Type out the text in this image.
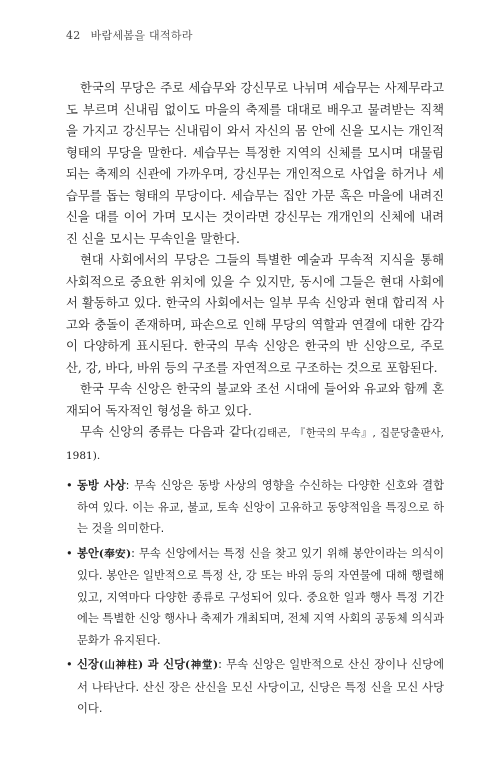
42 바람세봄을 대적하라

한국의 무당은 주로 세습무와 강신무로 나뉘며 세습무는 사제무라고도 부르며 신내림 없이도 마을의 축제를 대대로 배우고 물려받는 직책을 가지고 강신무는 신내림이 와서 자신의 몸 안에 신을 모시는 개인적 형태의 무당을 말한다. 세습무는 특정한 지역의 신체를 모시며 대물림되는 축제의 신관에 가까우며, 강신무는 개인적으로 사업을 하거나 세습무를 돕는 형태의 무당이다. 세습무는 집안 가문 혹은 마을에 내려진 신을 대를 이어 가며 모시는 것이라면 강신무는 개개인의 신체에 내려진 신을 모시는 무속인을 말한다.

현대 사회에서의 무당은 그들의 특별한 예술과 무속적 지식을 통해 사회적으로 중요한 위치에 있을 수 있지만, 동시에 그들은 현대 사회에서 활동하고 있다. 한국의 사회에서는 일부 무속 신앙과 현대 합리적 사고와 충돌이 존재하며, 파손으로 인해 무당의 역할과 연결에 대한 감각이 다양하게 표시된다. 한국의 무속 신앙은 한국의 반 신앙으로, 주로 산, 강, 바다, 바위 등의 구조를 자연적으로 구조하는 것으로 포함된다.

한국 무속 신앙은 한국의 불교와 조선 시대에 들어와 유교와 함께 혼재되어 독자적인 형성을 하고 있다.

무속 신앙의 종류는 다음과 같다(김태곤, 『한국의 무속』, 집문당출판사, 1981).

• 동방 사상: 무속 신앙은 동방 사상의 영향을 수신하는 다양한 신호와 결합하여 있다. 이는 유교, 불교, 토속 신앙이 고유하고 동양적임을 특징으로 하는 것을 의미한다.
• 봉안(奉安): 무속 신앙에서는 특정 신을 찾고 있기 위해 봉안이라는 의식이 있다. 봉안은 일반적으로 특정 산, 강 또는 바위 등의 자연물에 대해 행렬해 있고, 지역마다 다양한 종류로 구성되어 있다. 중요한 일과 행사 특정 기간에는 특별한 신앙 행사나 축제가 개최되며, 전체 지역 사회의 공동체 의식과 문화가 유지된다.
• 신장(山神柱) 과 신당(神堂): 무속 신앙은 일반적으로 산신 장이나 신당에서 나타난다. 산신 장은 산신을 모신 사당이고, 신당은 특정 신을 모신 사당이다.
